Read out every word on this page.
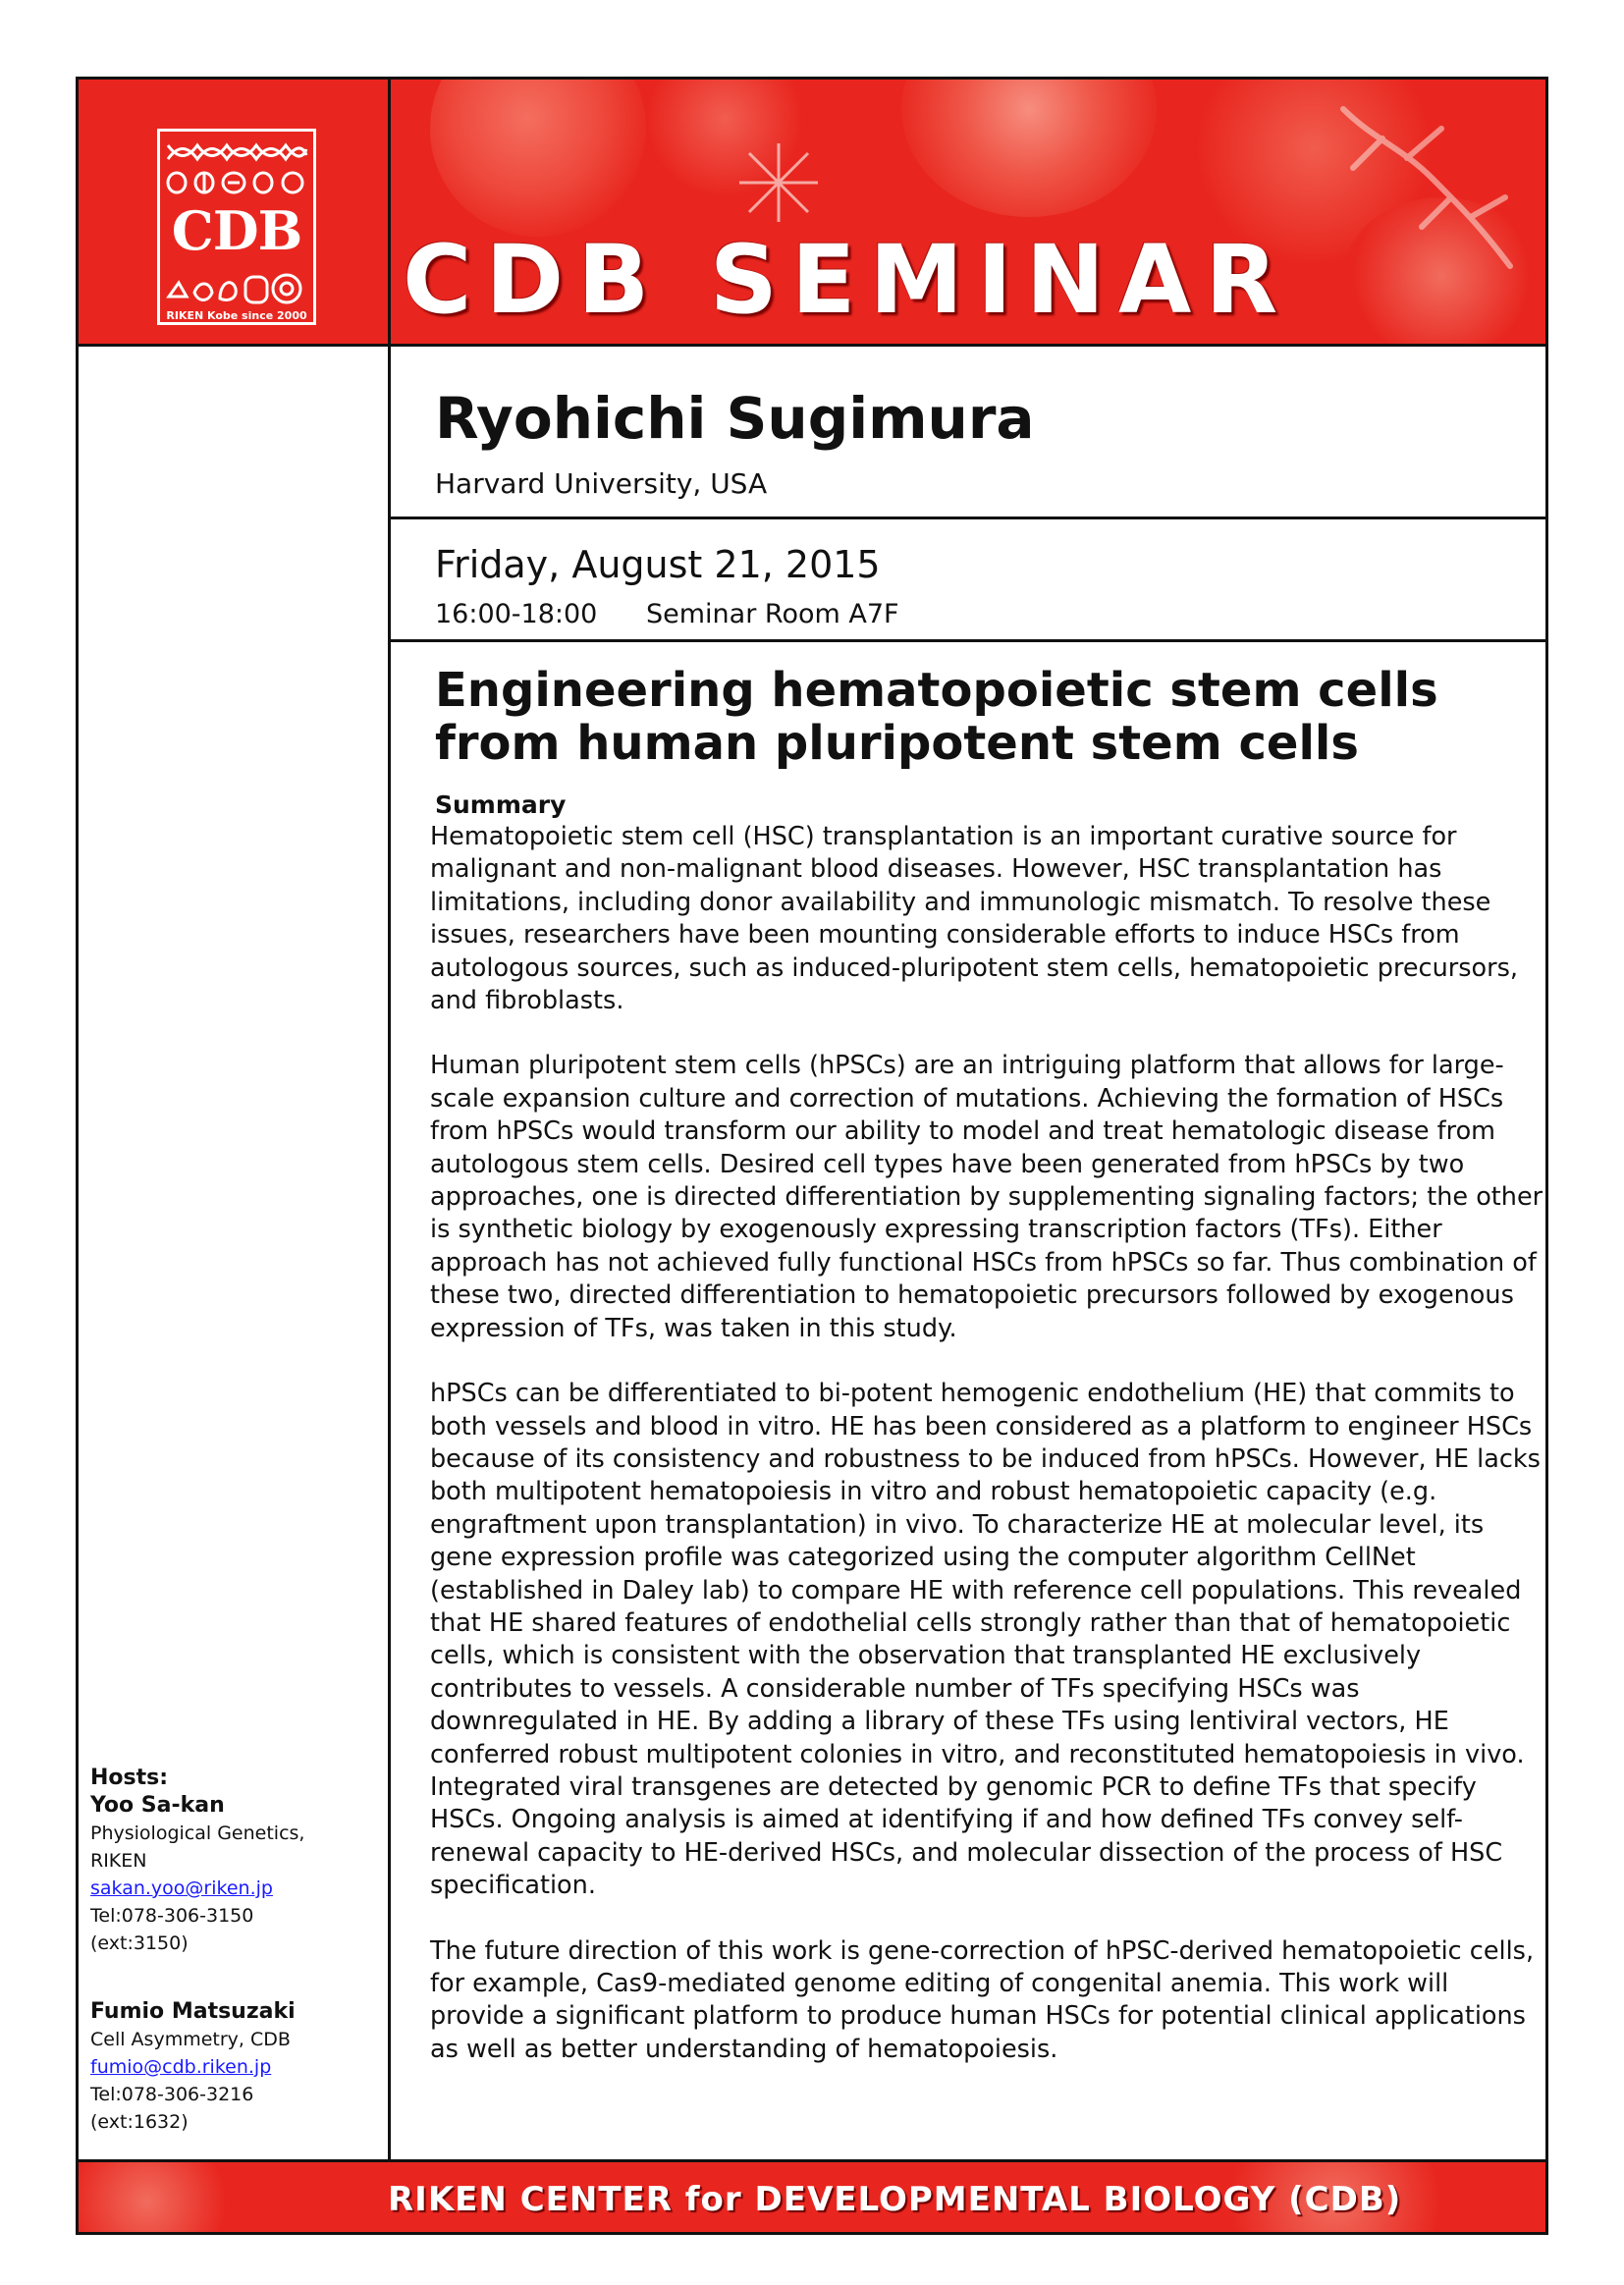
CDB
RIKEN Kobe since 2000
Hosts:
Yoo Sa-kan
Physiological Genetics,
RIKEN
sakan.yoo@riken.jp
Tel:078-306-3150
(ext:3150)
Fumio Matsuzaki
Cell Asymmetry, CDB
fumio@cdb.riken.jp
Tel:078-306-3216
(ext:1632)
CDB SEMINAR
Ryohichi Sugimura
Harvard University, USA
Friday, August 21, 2015
16:00-18:00 Seminar Room A7F
Engineering hematopoietic stem cells from human pluripotent stem cells
Summary

Hematopoietic stem cell (HSC) transplantation is an important curative source for malignant and non-malignant blood diseases. However, HSC transplantation has limitations, including donor availability and immunologic mismatch. To resolve these issues, researchers have been mounting considerable efforts to induce HSCs from autologous sources, such as induced-pluripotent stem cells, hematopoietic precursors, and fibroblasts.

Human pluripotent stem cells (hPSCs) are an intriguing platform that allows for large-scale expansion culture and correction of mutations. Achieving the formation of HSCs from hPSCs would transform our ability to model and treat hematologic disease from autologous stem cells. Desired cell types have been generated from hPSCs by two approaches, one is directed differentiation by supplementing signaling factors; the other is synthetic biology by exogenously expressing transcription factors (TFs). Either approach has not achieved fully functional HSCs from hPSCs so far. Thus combination of these two, directed differentiation to hematopoietic precursors followed by exogenous expression of TFs, was taken in this study.

hPSCs can be differentiated to bi-potent hemogenic endothelium (HE) that commits to both vessels and blood in vitro. HE has been considered as a platform to engineer HSCs because of its consistency and robustness to be induced from hPSCs. However, HE lacks both multipotent hematopoiesis in vitro and robust hematopoietic capacity (e.g. engraftment upon transplantation) in vivo. To characterize HE at molecular level, its gene expression profile was categorized using the computer algorithm CellNet (established in Daley lab) to compare HE with reference cell populations. This revealed that HE shared features of endothelial cells strongly rather than that of hematopoietic cells, which is consistent with the observation that transplanted HE exclusively contributes to vessels. A considerable number of TFs specifying HSCs was downregulated in HE. By adding a library of these TFs using lentiviral vectors, HE conferred robust multipotent colonies in vitro, and reconstituted hematopoiesis in vivo. Integrated viral transgenes are detected by genomic PCR to define TFs that specify HSCs. Ongoing analysis is aimed at identifying if and how defined TFs convey self-renewal capacity to HE-derived HSCs, and molecular dissection of the process of HSC specification.

The future direction of this work is gene-correction of hPSC-derived hematopoietic cells, for example, Cas9-mediated genome editing of congenital anemia. This work will provide a significant platform to produce human HSCs for potential clinical applications as well as better understanding of hematopoiesis.

RIKEN CENTER for DEVELOPMENTAL BIOLOGY (CDB)
